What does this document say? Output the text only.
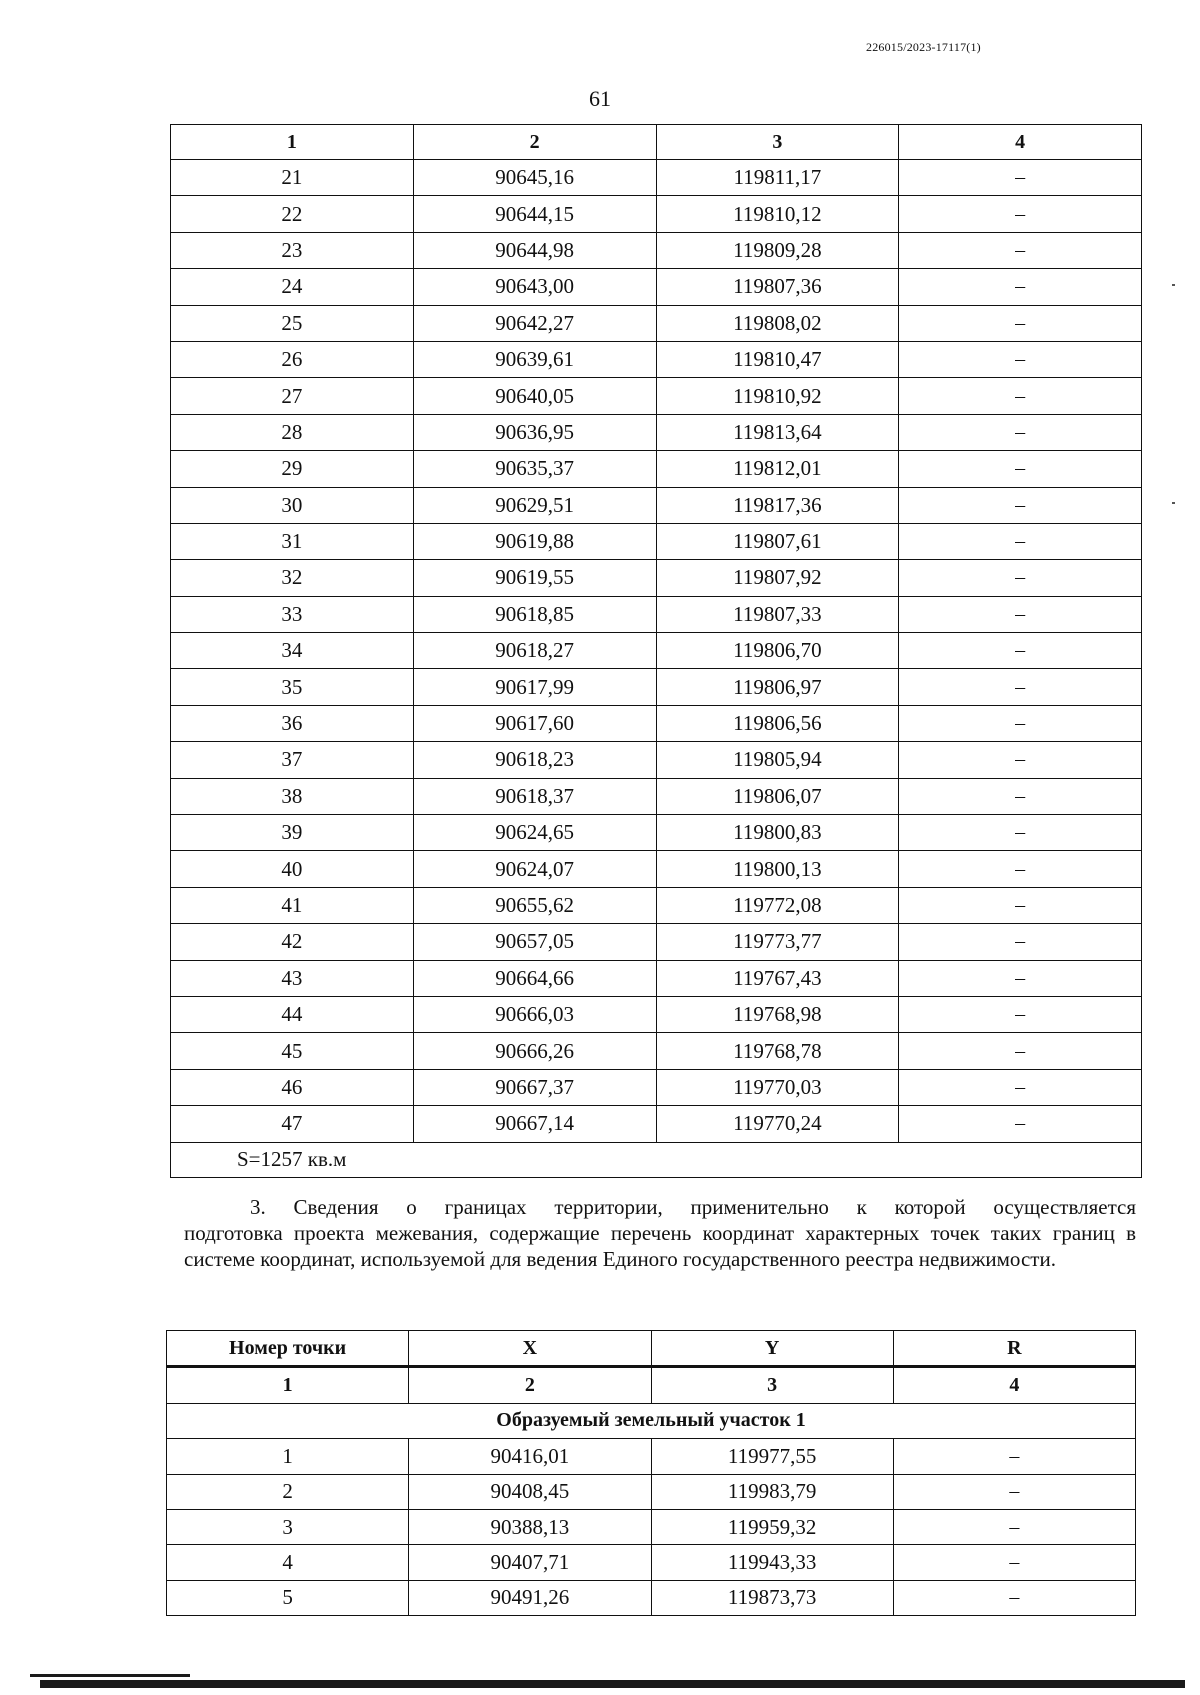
226015/2023-17117(1)
61
1	2	3	4
21	90645,16	119811,17	–
22	90644,15	119810,12	–
23	90644,98	119809,28	–
24	90643,00	119807,36	–
25	90642,27	119808,02	–
26	90639,61	119810,47	–
27	90640,05	119810,92	–
28	90636,95	119813,64	–
29	90635,37	119812,01	–
30	90629,51	119817,36	–
31	90619,88	119807,61	–
32	90619,55	119807,92	–
33	90618,85	119807,33	–
34	90618,27	119806,70	–
35	90617,99	119806,97	–
36	90617,60	119806,56	–
37	90618,23	119805,94	–
38	90618,37	119806,07	–
39	90624,65	119800,83	–
40	90624,07	119800,13	–
41	90655,62	119772,08	–
42	90657,05	119773,77	–
43	90664,66	119767,43	–
44	90666,03	119768,98	–
45	90666,26	119768,78	–
46	90667,37	119770,03	–
47	90667,14	119770,24	–
S=1257 кв.м			
3. Сведения о границах территории, применительно к которой осуществляется
подготовка проекта межевания, содержащие перечень координат характерных точек таких границ в системе координат, используемой для ведения Единого государственного реестра недвижимости.
Номер точки	X	Y	R
1	2	3	4
Образуемый земельный участок 1			
1	90416,01	119977,55	–
2	90408,45	119983,79	–
3	90388,13	119959,32	–
4	90407,71	119943,33	–
5	90491,26	119873,73	–
